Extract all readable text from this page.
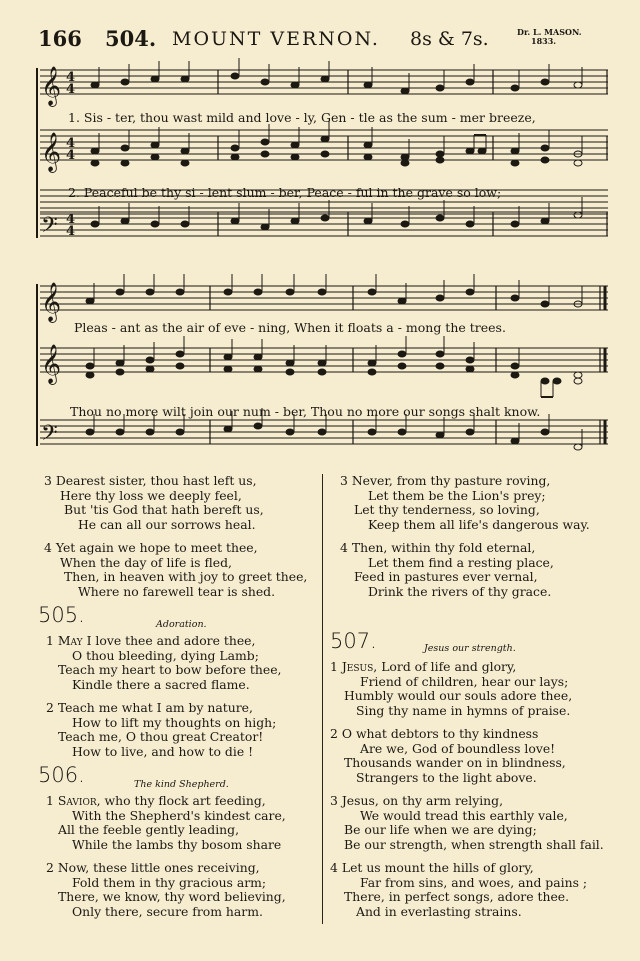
166 504. MOUNT VERNON. 8s & 7s.	Dr. L. MASON.
1833.
𝄞
𝄞
𝄢
4
4
4
4
4
4
1. Sis - ter, thou wast mild and love - ly, Gen - tle as the sum - mer breeze,
2. Peaceful be thy si - lent slum - ber, Peace - ful in the grave so low;
𝄞
𝄞
𝄢
Pleas - ant as the air of eve - ning, When it floats a - mong the trees.
Thou no more wilt join our num - ber, Thou no more our songs shalt know.
3 Dearest sister, thou hast left us,
Here thy loss we deeply feel,
But 'tis God that hath bereft us,
He can all our sorrows heal.
4 Yet again we hope to meet thee,
When the day of life is fled,
Then, in heaven with joy to greet thee,
Where no farewell tear is shed.
3 Never, from thy pasture roving,
Let them be the Lion's prey;
Let thy tenderness, so loving,
Keep them all life's dangerous way.
4 Then, within thy fold eternal,
Let them find a resting place,
Feed in pastures ever vernal,
Drink the rivers of thy grace.
505.	Adoration.
1 May I love thee and adore thee,
O thou bleeding, dying Lamb;
Teach my heart to bow before thee,
Kindle there a sacred flame.
2 Teach me what I am by nature,
How to lift my thoughts on high;
Teach me, O thou great Creator!
How to live, and how to die !
506.	The kind Shepherd.
1 Savior, who thy flock art feeding,
With the Shepherd's kindest care,
All the feeble gently leading,
While the lambs thy bosom share
2 Now, these little ones receiving,
Fold them in thy gracious arm;
There, we know, thy word believing,
Only there, secure from harm.
507.	Jesus our strength.
1 Jesus, Lord of life and glory,
Friend of children, hear our lays;
Humbly would our souls adore thee,
Sing thy name in hymns of praise.
2 O what debtors to thy kindness
Are we, God of boundless love!
Thousands wander on in blindness,
Strangers to the light above.
3 Jesus, on thy arm relying,
We would tread this earthly vale,
Be our life when we are dying;
Be our strength, when strength shall fail.
4 Let us mount the hills of glory,
Far from sins, and woes, and pains ;
There, in perfect songs, adore thee.
And in everlasting strains.
